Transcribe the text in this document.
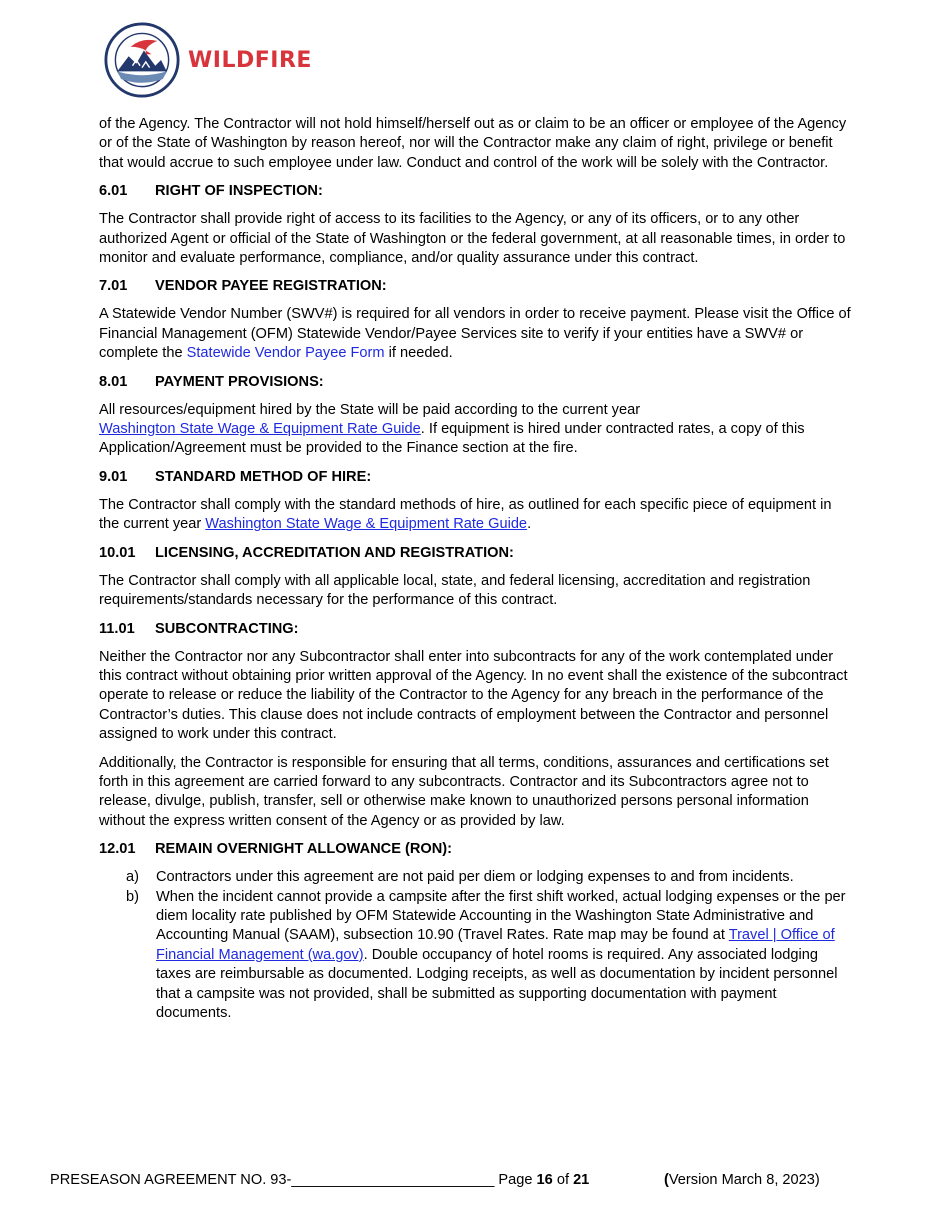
WILDFIRE

of the Agency. The Contractor will not hold himself/herself out as or claim to be an officer or employee of the Agency or of the State of Washington by reason hereof, nor will the Contractor make any claim of right, privilege or benefit that would accrue to such employee under law. Conduct and control of the work will be solely with the Contractor.

6.01 RIGHT OF INSPECTION:

The Contractor shall provide right of access to its facilities to the Agency, or any of its officers, or to any other authorized Agent or official of the State of Washington or the federal government, at all reasonable times, in order to monitor and evaluate performance, compliance, and/or quality assurance under this contract.

7.01 VENDOR PAYEE REGISTRATION:

A Statewide Vendor Number (SWV#) is required for all vendors in order to receive payment. Please visit the Office of Financial Management (OFM) Statewide Vendor/Payee Services site to verify if your entities have a SWV# or complete the Statewide Vendor Payee Form if needed.

8.01 PAYMENT PROVISIONS:

All resources/equipment hired by the State will be paid according to the current year
Washington State Wage & Equipment Rate Guide. If equipment is hired under contracted rates, a copy of this Application/Agreement must be provided to the Finance section at the fire.

9.01 STANDARD METHOD OF HIRE:

The Contractor shall comply with the standard methods of hire, as outlined for each specific piece of equipment in the current year Washington State Wage & Equipment Rate Guide.

10.01 LICENSING, ACCREDITATION AND REGISTRATION:

The Contractor shall comply with all applicable local, state, and federal licensing, accreditation and registration requirements/standards necessary for the performance of this contract.

11.01 SUBCONTRACTING:

Neither the Contractor nor any Subcontractor shall enter into subcontracts for any of the work contemplated under this contract without obtaining prior written approval of the Agency. In no event shall the existence of the subcontract operate to release or reduce the liability of the Contractor to the Agency for any breach in the performance of the Contractor’s duties. This clause does not include contracts of employment between the Contractor and personnel assigned to work under this contract.

Additionally, the Contractor is responsible for ensuring that all terms, conditions, assurances and certifications set forth in this agreement are carried forward to any subcontracts. Contractor and its Subcontractors agree not to release, divulge, publish, transfer, sell or otherwise make known to unauthorized persons personal information without the express written consent of the Agency or as provided by law.

12.01 REMAIN OVERNIGHT ALLOWANCE (RON):
a) Contractors under this agreement are not paid per diem or lodging expenses to and from incidents.
b) When the incident cannot provide a campsite after the first shift worked, actual lodging expenses or the per diem locality rate published by OFM Statewide Accounting in the Washington State Administrative and Accounting Manual (SAAM), subsection 10.90 (Travel Rates. Rate map may be found at Travel | Office of Financial Management (wa.gov). Double occupancy of hotel rooms is required. Any associated lodging taxes are reimbursable as documented. Lodging receipts, as well as documentation by incident personnel that a campsite was not provided, shall be submitted as supporting documentation with payment documents.
PRESEASON AGREEMENT NO. 93-_________________________ Page 16 of 21	(Version March 8, 2023)
